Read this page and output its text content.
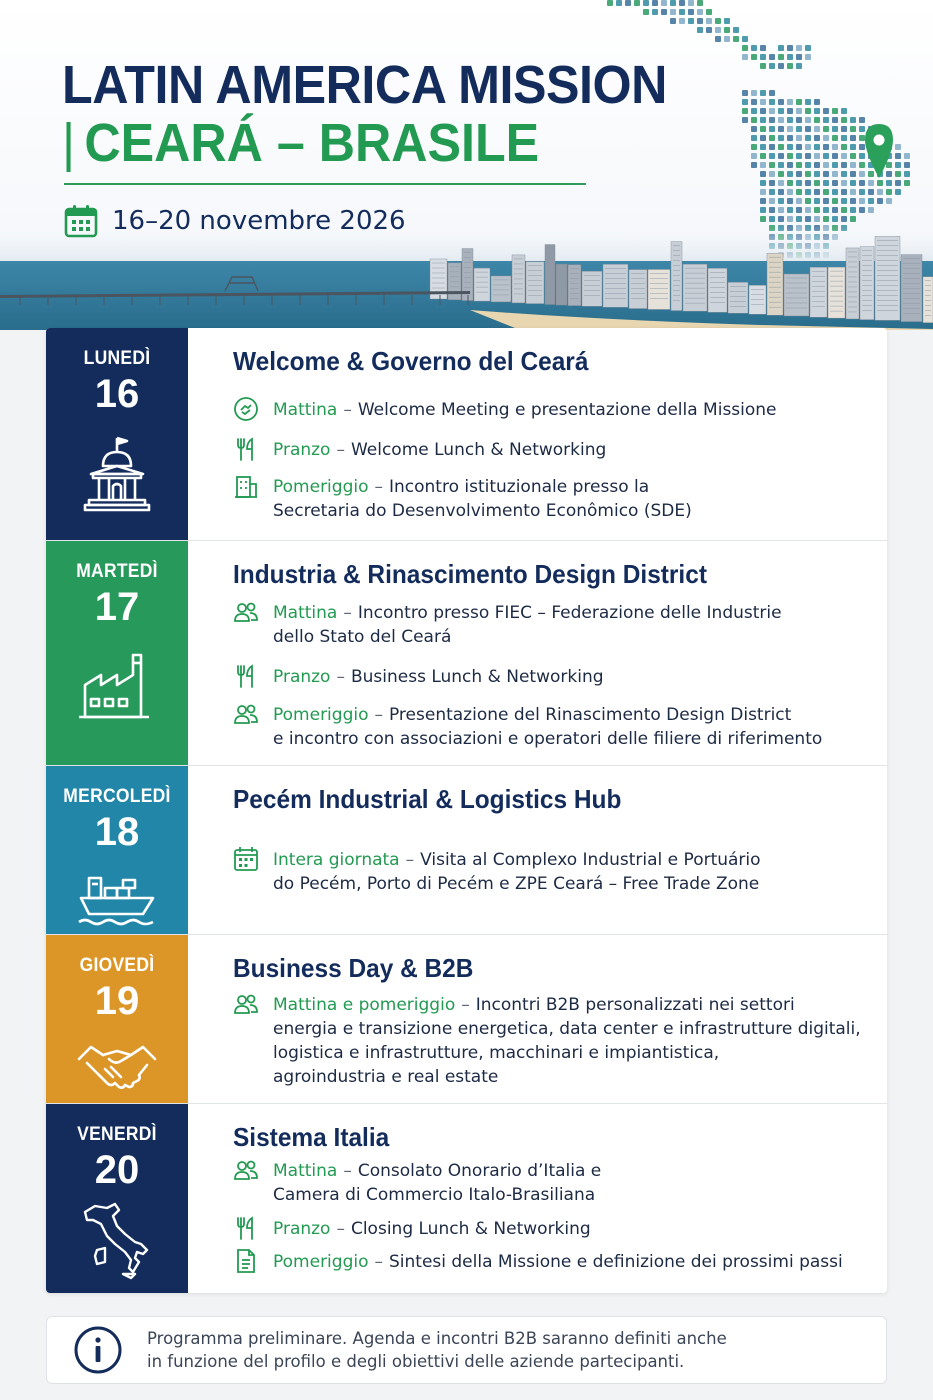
LATIN AMERICA MISSION
| CEARÁ – BRASILE
16–20 novembre 2026
LUNEDÌ
16
Welcome & Governo del Ceará
Mattina – Welcome Meeting e presentazione della Missione
Pranzo – Welcome Lunch & Networking
Pomeriggio – Incontro istituzionale presso la
Secretaria do Desenvolvimento Econômico (SDE)
MARTEDÌ
17
Industria & Rinascimento Design District
Mattina – Incontro presso FIEC – Federazione delle Industrie
dello Stato del Ceará
Pranzo – Business Lunch & Networking
Pomeriggio – Presentazione del Rinascimento Design District
e incontro con associazioni e operatori delle filiere di riferimento
MERCOLEDÌ
18
Pecém Industrial & Logistics Hub
Intera giornata – Visita al Complexo Industrial e Portuário
do Pecém, Porto di Pecém e ZPE Ceará – Free Trade Zone
GIOVEDÌ
19
Business Day & B2B
Mattina e pomeriggio – Incontri B2B personalizzati nei settori
energia e transizione energetica, data center e infrastrutture digitali,
logistica e infrastrutture, macchinari e impiantistica,
agroindustria e real estate
VENERDÌ
20
Sistema Italia
Mattina – Consolato Onorario d’Italia e
Camera di Commercio Italo-Brasiliana
Pranzo – Closing Lunch & Networking
Pomeriggio – Sintesi della Missione e definizione dei prossimi passi
Programma preliminare. Agenda e incontri B2B saranno definiti anche
in funzione del profilo e degli obiettivi delle aziende partecipanti.
